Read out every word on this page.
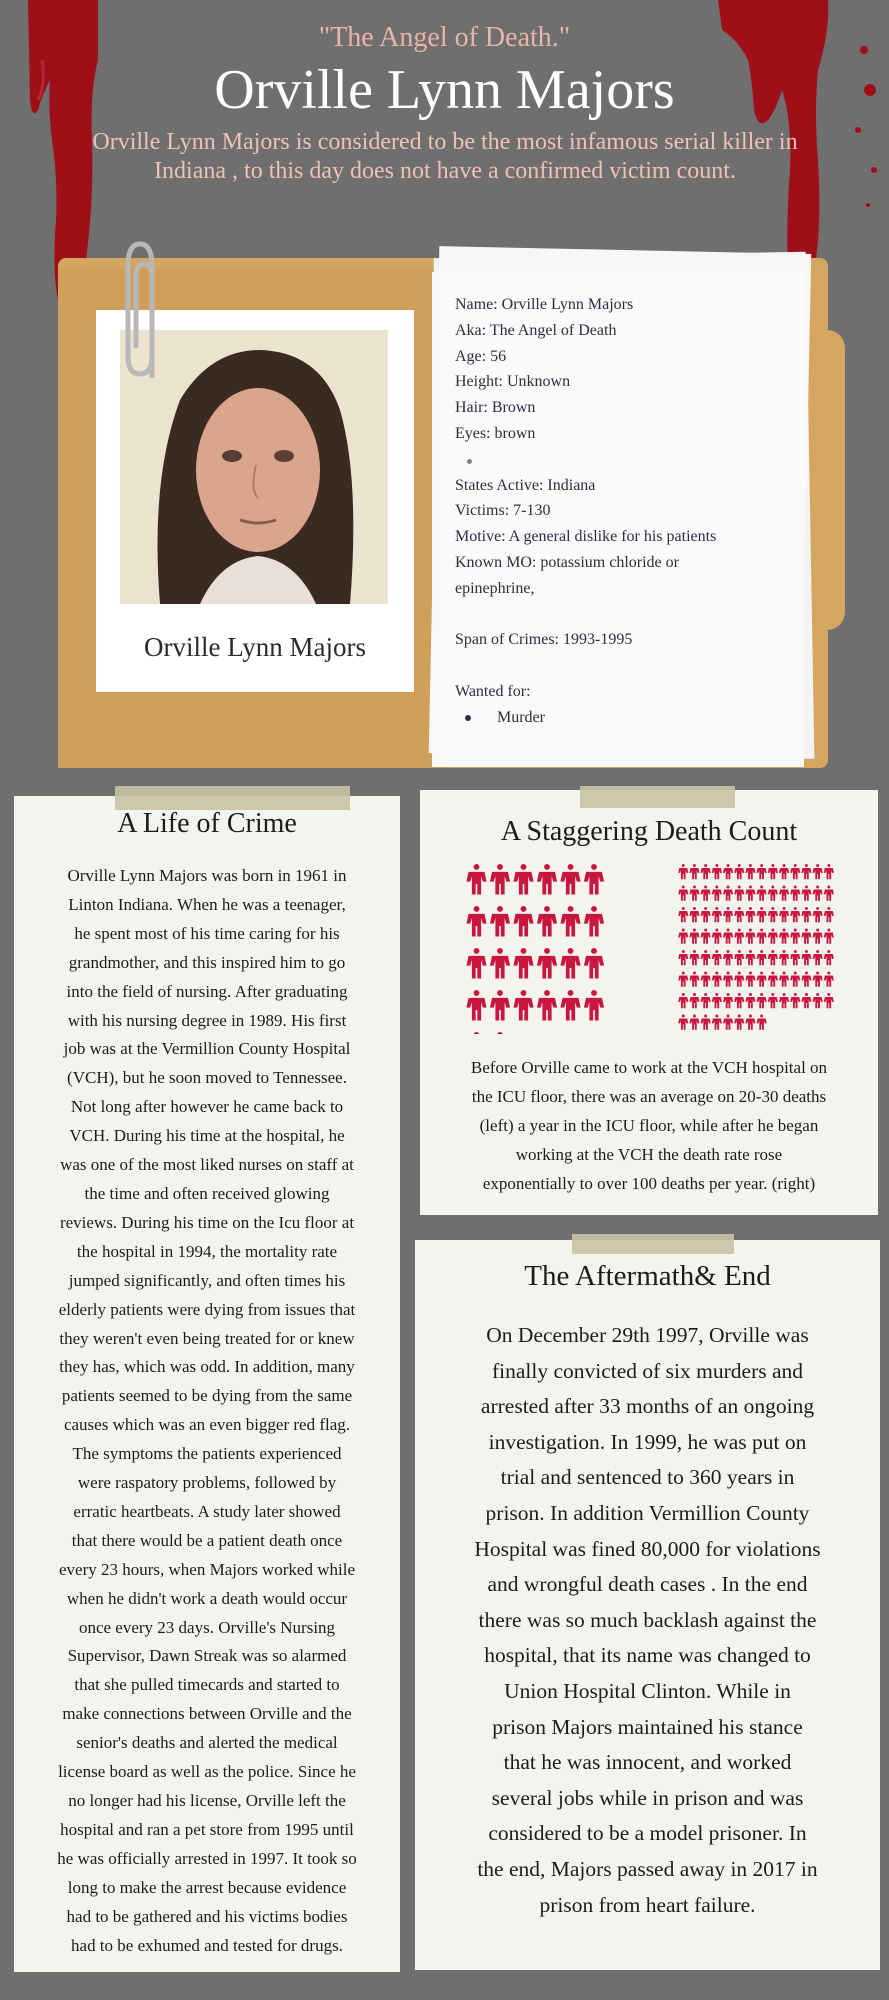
"The Angel of Death."
Orville Lynn Majors
Orville Lynn Majors is considered to be the most infamous serial killer in Indiana , to this day does not have a confirmed victim count.
Orville Lynn Majors
Name: Orville Lynn Majors
Aka: The Angel of Death
Age: 56
Height: Unknown
Hair: Brown
Eyes: brown
States Active: Indiana
Victims: 7-130
Motive: A general dislike for his patients
Known MO: potassium chloride or
epinephrine,
Span of Crimes: 1993-1995
Wanted for:
Murder
A Life of Crime
Orville Lynn Majors was born in 1961 in
Linton Indiana. When he was a teenager,
he spent most of his time caring for his
grandmother, and this inspired him to go
into the field of nursing. After graduating
with his nursing degree in 1989. His first
job was at the Vermillion County Hospital
(VCH), but he soon moved to Tennessee.
Not long after however he came back to
VCH. During his time at the hospital, he
was one of the most liked nurses on staff at
the time and often received glowing
reviews. During his time on the Icu floor at
the hospital in 1994, the mortality rate
jumped significantly, and often times his
elderly patients were dying from issues that
they weren't even being treated for or knew
they has, which was odd. In addition, many
patients seemed to be dying from the same
causes which was an even bigger red flag.
The symptoms the patients experienced
were raspatory problems, followed by
erratic heartbeats. A study later showed
that there would be a patient death once
every 23 hours, when Majors worked while
when he didn't work a death would occur
once every 23 days. Orville's Nursing
Supervisor, Dawn Streak was so alarmed
that she pulled timecards and started to
make connections between Orville and the
senior's deaths and alerted the medical
license board as well as the police. Since he
no longer had his license, Orville left the
hospital and ran a pet store from 1995 until
he was officially arrested in 1997. It took so
long to make the arrest because evidence
had to be gathered and his victims bodies
had to be exhumed and tested for drugs.
A Staggering Death Count
Before Orville came to work at the VCH hospital on
the ICU floor, there was an average on 20-30 deaths
(left) a year in the ICU floor, while after he began
working at the VCH the death rate rose
exponentially to over 100 deaths per year. (right)
The Aftermath& End
On December 29th 1997, Orville was
finally convicted of six murders and
arrested after 33 months of an ongoing
investigation. In 1999, he was put on
trial and sentenced to 360 years in
prison. In addition Vermillion County
Hospital was fined 80,000 for violations
and wrongful death cases . In the end
there was so much backlash against the
hospital, that its name was changed to
Union Hospital Clinton. While in
prison Majors maintained his stance
that he was innocent, and worked
several jobs while in prison and was
considered to be a model prisoner. In
the end, Majors passed away in 2017 in
prison from heart failure.
